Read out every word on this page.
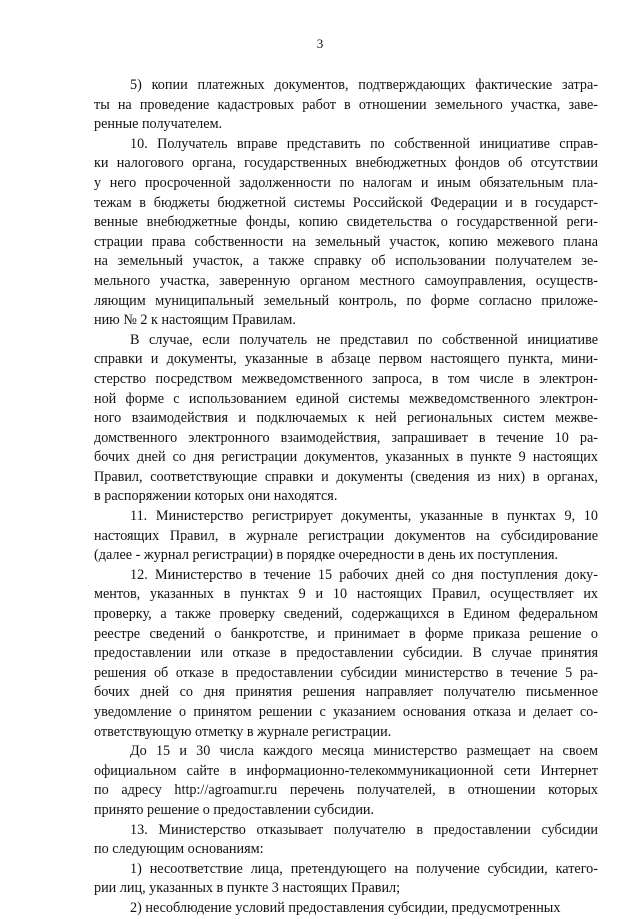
3

5) копии платежных документов, подтверждающих фактические затра-
ты на проведение кадастровых работ в отношении земельного участка, заве-
ренные получателем.

10. Получатель вправе представить по собственной инициативе справ-
ки налогового органа, государственных внебюджетных фондов об отсутствии
у него просроченной задолженности по налогам и иным обязательным пла-
тежам в бюджеты бюджетной системы Российской Федерации и в государст-
венные внебюджетные фонды, копию свидетельства о государственной реги-
страции права собственности на земельный участок, копию межевого плана
на земельный участок, а также справку об использовании получателем зе-
мельного участка, заверенную органом местного самоуправления, осуществ-
ляющим муниципальный земельный контроль, по форме согласно приложе-
нию № 2 к настоящим Правилам.

В случае, если получатель не представил по собственной инициативе
справки и документы, указанные в абзаце первом настоящего пункта, мини-
стерство посредством межведомственного запроса, в том числе в электрон-
ной форме с использованием единой системы межведомственного электрон-
ного взаимодействия и подключаемых к ней региональных систем межве-
домственного электронного взаимодействия, запрашивает в течение 10 ра-
бочих дней со дня регистрации документов, указанных в пункте 9 настоящих
Правил, соответствующие справки и документы (сведения из них) в органах,
в распоряжении которых они находятся.

11. Министерство регистрирует документы, указанные в пунктах 9, 10
настоящих Правил, в журнале регистрации документов на субсидирование
(далее - журнал регистрации) в порядке очередности в день их поступления.

12. Министерство в течение 15 рабочих дней со дня поступления доку-
ментов, указанных в пунктах 9 и 10 настоящих Правил, осуществляет их
проверку, а также проверку сведений, содержащихся в Едином федеральном
реестре сведений о банкротстве, и принимает в форме приказа решение о
предоставлении или отказе в предоставлении субсидии. В случае принятия
решения об отказе в предоставлении субсидии министерство в течение 5 ра-
бочих дней со дня принятия решения направляет получателю письменное
уведомление о принятом решении с указанием основания отказа и делает со-
ответствующую отметку в журнале регистрации.

До 15 и 30 числа каждого месяца министерство размещает на своем
официальном сайте в информационно-телекоммуникационной сети Интернет
по адресу http://agroamur.ru перечень получателей, в отношении которых
принято решение о предоставлении субсидии.

13. Министерство отказывает получателю в предоставлении субсидии
по следующим основаниям:

1) несоответствие лица, претендующего на получение субсидии, катего-
рии лиц, указанных в пункте 3 настоящих Правил;

2) несоблюдение условий предоставления субсидии, предусмотренных
